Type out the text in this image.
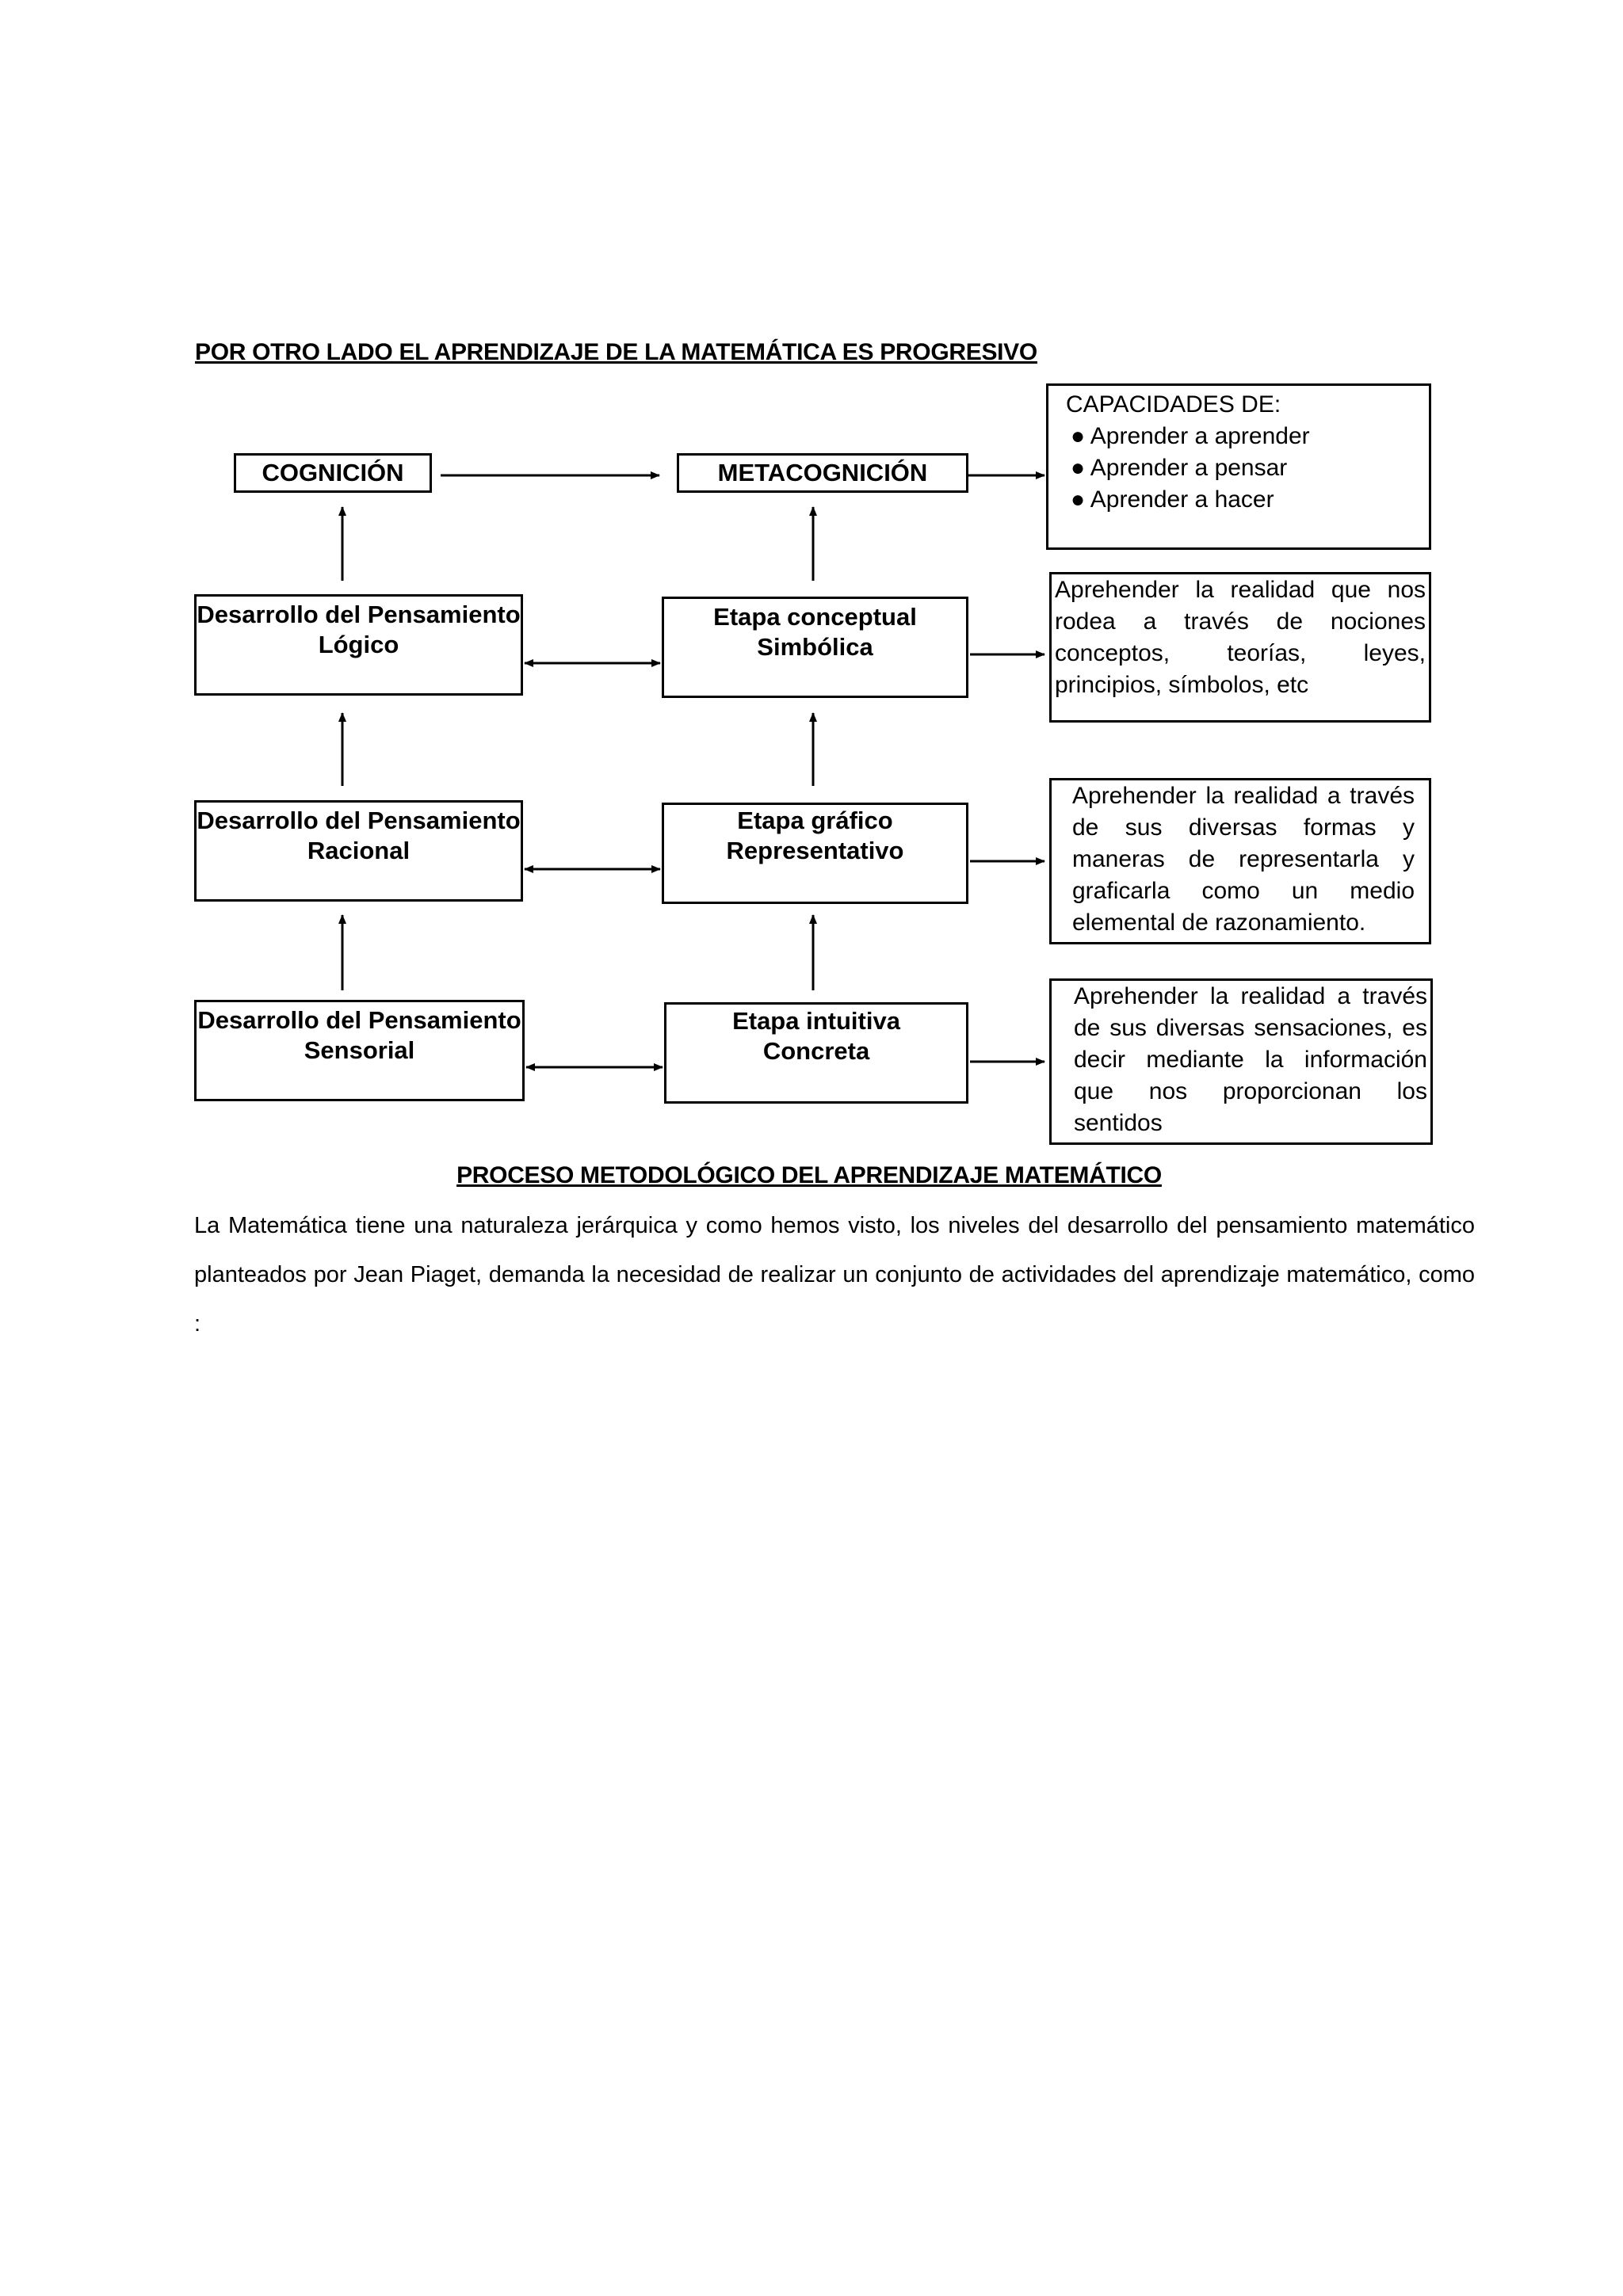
POR OTRO LADO EL APRENDIZAJE DE LA MATEMÁTICA ES PROGRESIVO
COGNICIÓN	METACOGNICIÓN
CAPACIDADES DE:
● Aprender a aprender
● Aprender a pensar
● Aprender a hacer
Desarrollo del Pensamiento
Lógico
Etapa conceptual
Simbólica
Aprehender la realidad que nos rodea a través de nociones conceptos, teorías, leyes, principios, símbolos, etc
Desarrollo del Pensamiento
Racional
Etapa gráfico
Representativo
Aprehender la realidad a través de sus diversas formas y maneras de representarla y graficarla como un medio elemental de razonamiento.
Desarrollo del Pensamiento
Sensorial
Etapa intuitiva
Concreta
Aprehender la realidad a través de sus diversas sensaciones, es decir mediante la información que nos proporcionan los sentidos
PROCESO METODOLÓGICO DEL APRENDIZAJE MATEMÁTICO
La Matemática tiene una naturaleza jerárquica y como hemos visto, los niveles del desarrollo del pensamiento matemático planteados por Jean Piaget, demanda la necesidad de realizar un conjunto de actividades del aprendizaje matemático, como :
